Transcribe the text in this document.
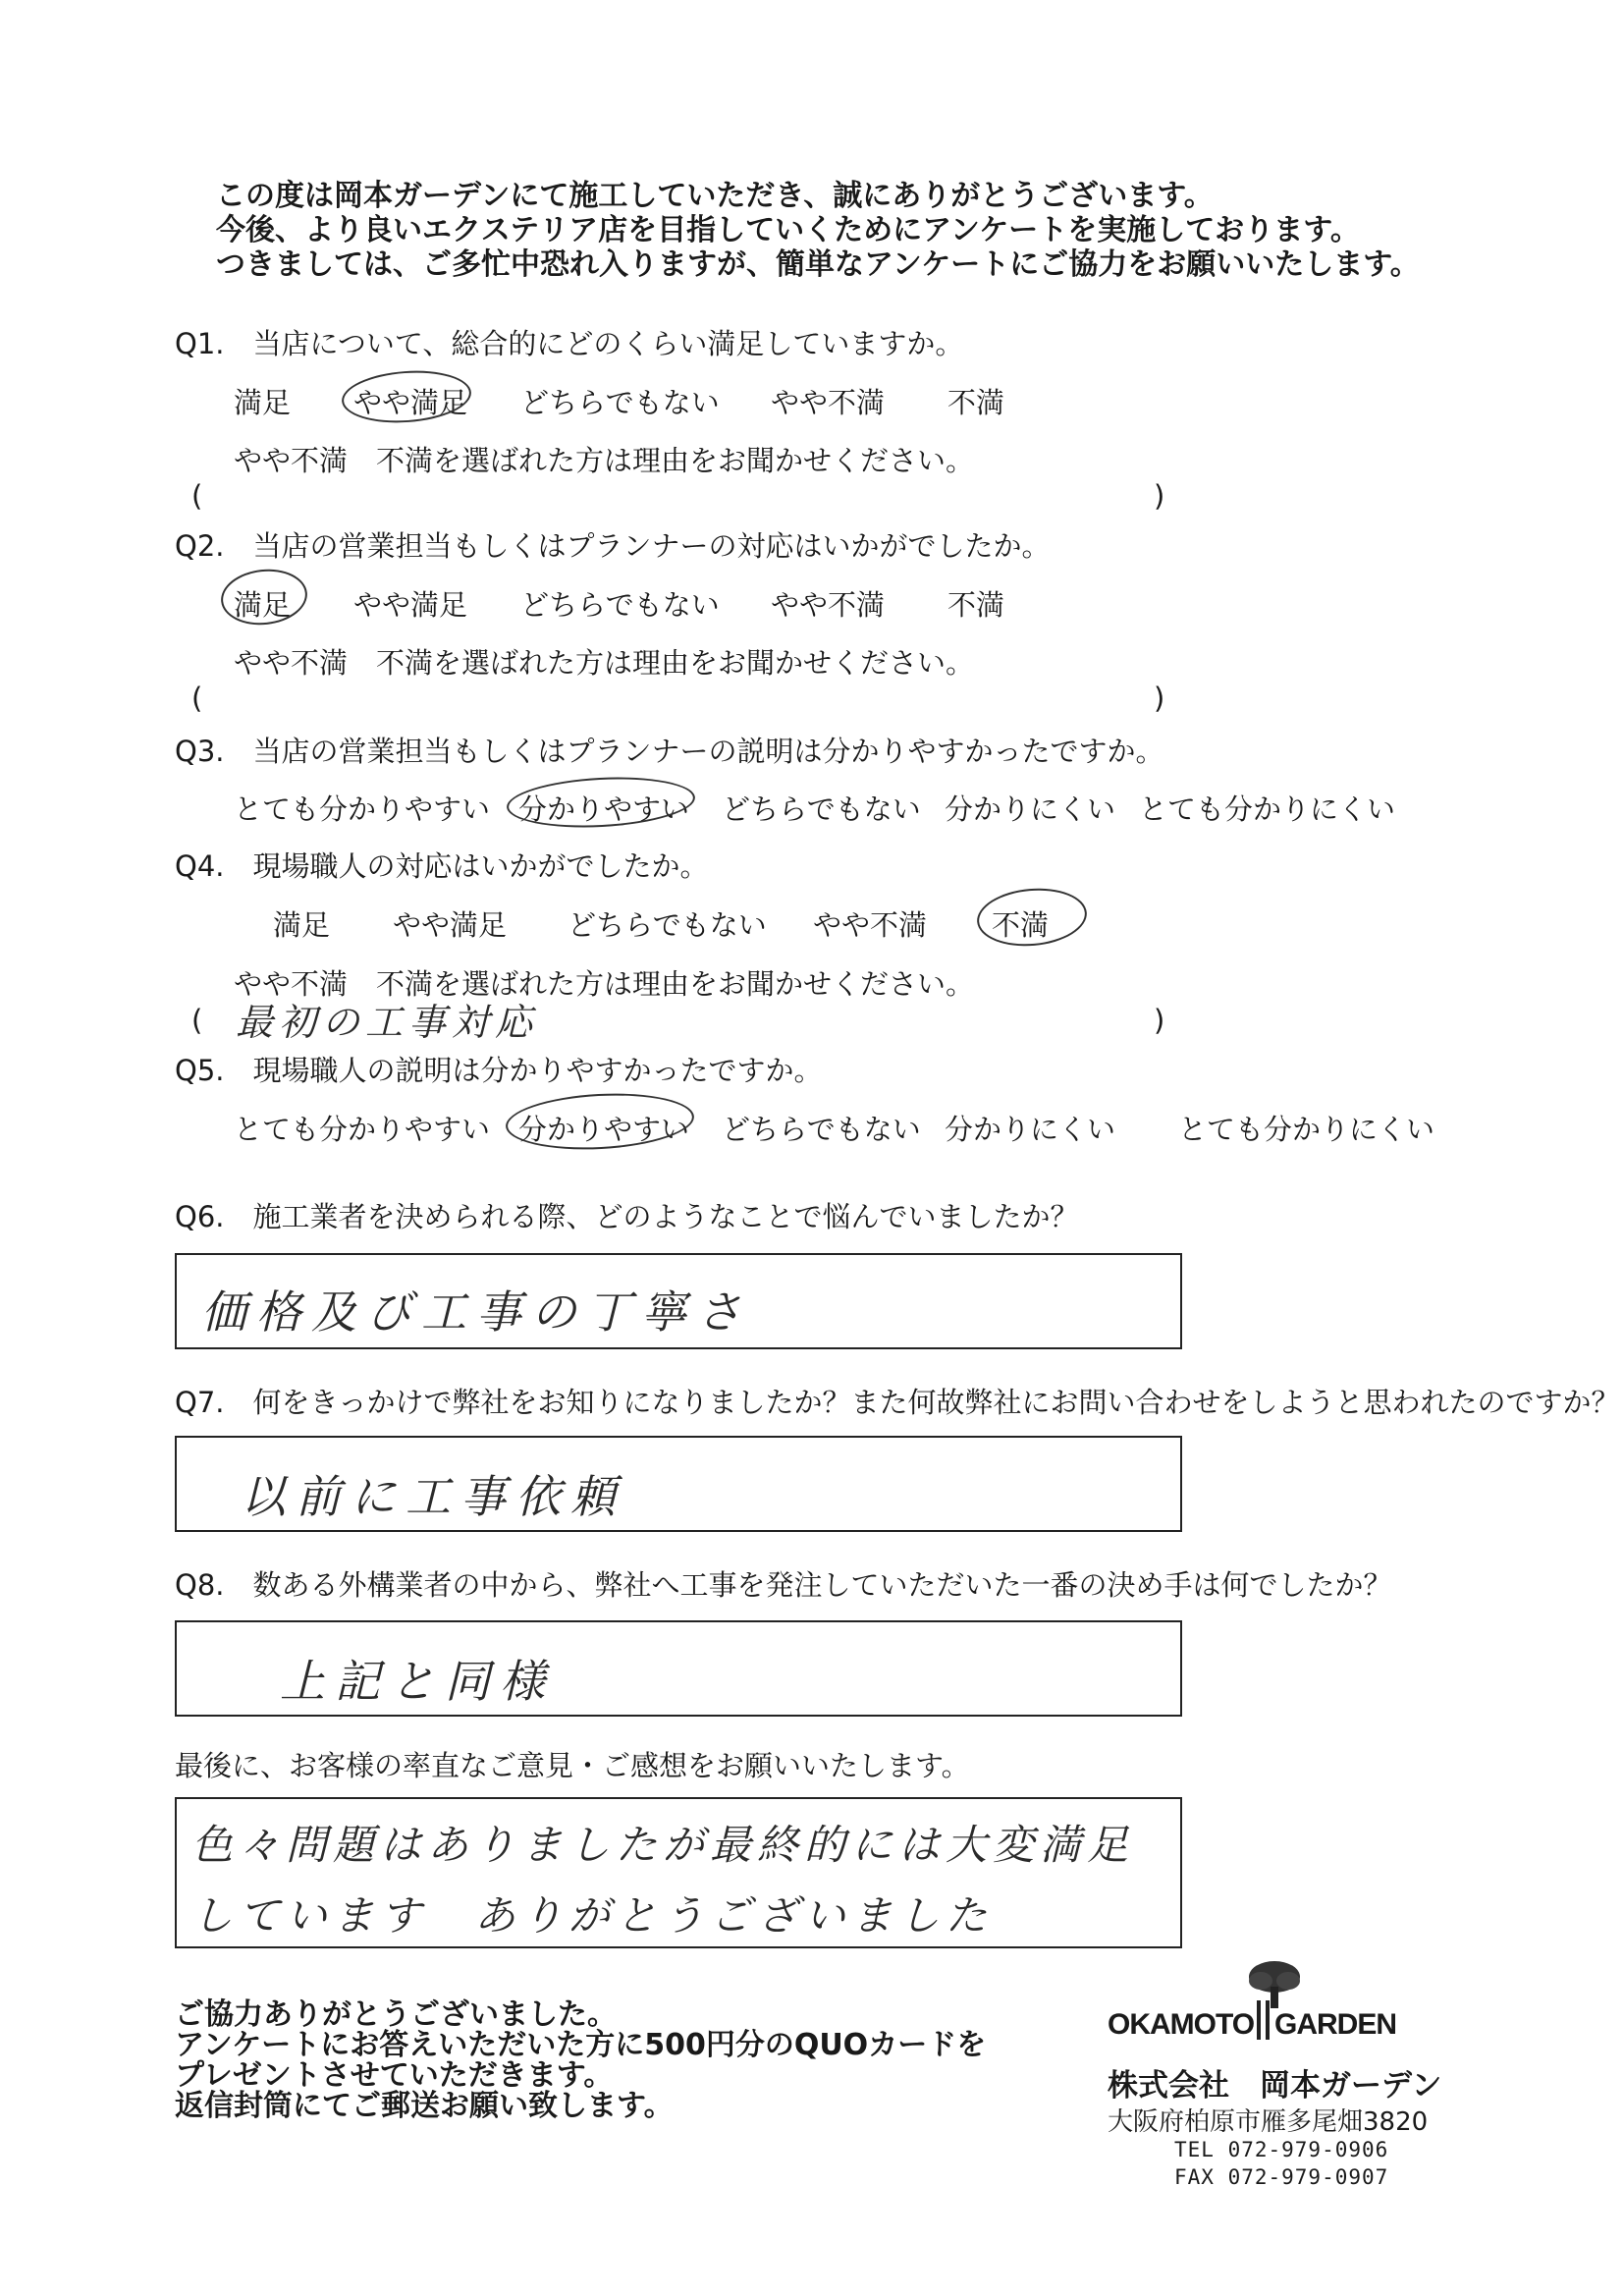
この度は岡本ガーデンにて施工していただき、誠にありがとうございます。
今後、より良いエクステリア店を目指していくためにアンケートを実施しております。
つきましては、ご多忙中恐れ入りますが、簡単なアンケートにご協力をお願いいたします。
Q1.　当店について、総合的にどのくらい満足していますか。
満足 やや満足 どちらでもない やや不満 不満
やや不満　不満を選ばれた方は理由をお聞かせください。
(	)
Q2.　当店の営業担当もしくはプランナーの対応はいかがでしたか。
満足 やや満足 どちらでもない やや不満 不満
やや不満　不満を選ばれた方は理由をお聞かせください。
(	)
Q3.　当店の営業担当もしくはプランナーの説明は分かりやすかったですか。
とても分かりやすい 分かりやすい どちらでもない 分かりにくい とても分かりにくい
Q4.　現場職人の対応はいかがでしたか。
満足 やや満足 どちらでもない やや不満 不満
やや不満　不満を選ばれた方は理由をお聞かせください。
( 最初の工事対応	)
Q5.　現場職人の説明は分かりやすかったですか。
とても分かりやすい 分かりやすい どちらでもない 分かりにくい とても分かりにくい
Q6.　施工業者を決められる際、どのようなことで悩んでいましたか？
価格及び工事の丁寧さ
Q7.　何をきっかけで弊社をお知りになりましたか？また何故弊社にお問い合わせをしようと思われたのですか？
以前に工事依頼
Q8.　数ある外構業者の中から、弊社へ工事を発注していただいた一番の決め手は何でしたか？
上記と同様
最後に、お客様の率直なご意見・ご感想をお願いいたします。
色々問題はありましたが最終的には大変満足
しています　ありがとうございました
ご協力ありがとうございました。
アンケートにお答えいただいた方に500円分のQUOカードを
プレゼントさせていただきます。
返信封筒にてご郵送お願い致します。
OKAMOTO GARDEN
株式会社　岡本ガーデン
大阪府柏原市雁多尾畑3820
TEL 072-979-0906
FAX 072-979-0907
